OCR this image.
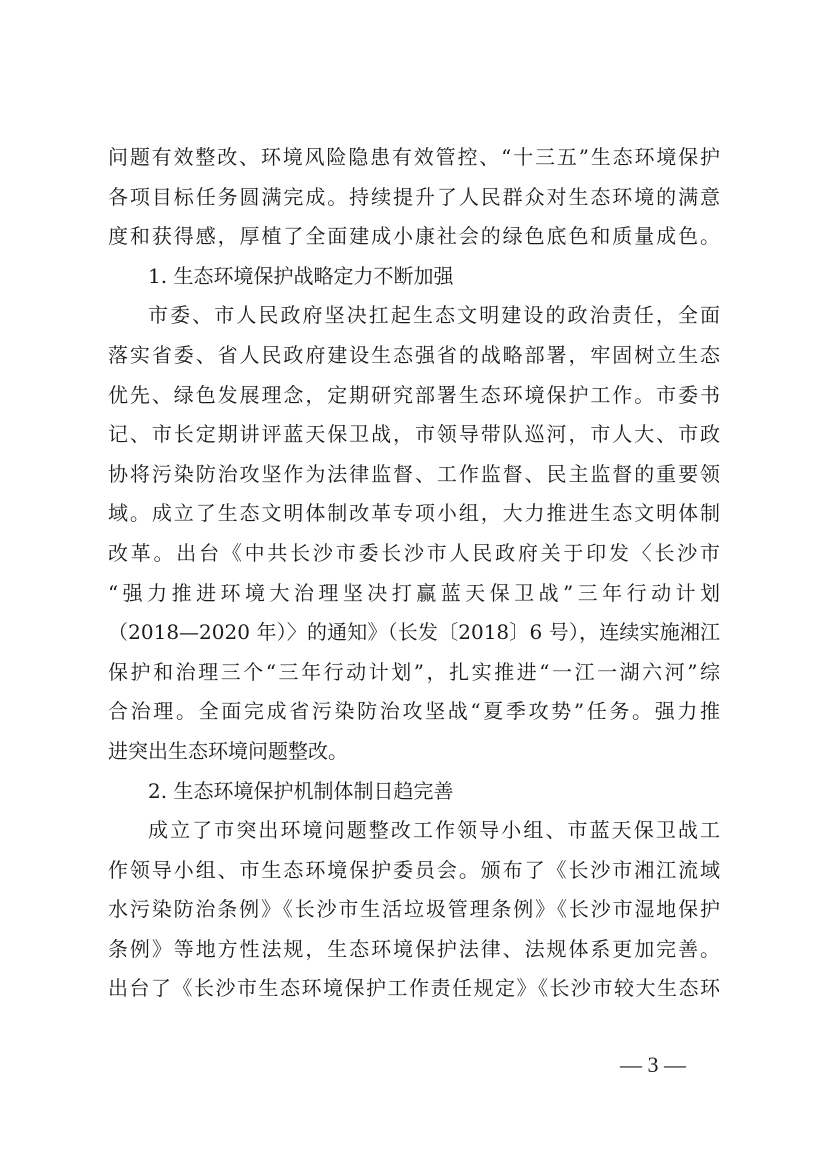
问题有效整改、环境风险隐患有效管控、“十三五”生态环境保护
各项目标任务圆满完成。持续提升了人民群众对生态环境的满意
度和获得感，厚植了全面建成小康社会的绿色底色和质量成色。
1. 生态环境保护战略定力不断加强
市委、市人民政府坚决扛起生态文明建设的政治责任，全面
落实省委、省人民政府建设生态强省的战略部署，牢固树立生态
优先、绿色发展理念，定期研究部署生态环境保护工作。市委书
记、市长定期讲评蓝天保卫战，市领导带队巡河，市人大、市政
协将污染防治攻坚作为法律监督、工作监督、民主监督的重要领
域。成立了生态文明体制改革专项小组，大力推进生态文明体制
改革。出台《中共长沙市委长沙市人民政府关于印发〈长沙市
“强力推进环境大治理坚决打赢蓝天保卫战”三年行动计划
（2018—2020 年）〉的通知》（长发〔2018〕6 号），连续实施湘江
保护和治理三个“三年行动计划”，扎实推进“一江一湖六河”综
合治理。全面完成省污染防治攻坚战“夏季攻势”任务。强力推
进突出生态环境问题整改。
2. 生态环境保护机制体制日趋完善
成立了市突出环境问题整改工作领导小组、市蓝天保卫战工
作领导小组、市生态环境保护委员会。颁布了《长沙市湘江流域
水污染防治条例》《长沙市生活垃圾管理条例》《长沙市湿地保护
条例》等地方性法规，生态环境保护法律、法规体系更加完善。
出台了《长沙市生态环境保护工作责任规定》《长沙市较大生态环
— 3 —
